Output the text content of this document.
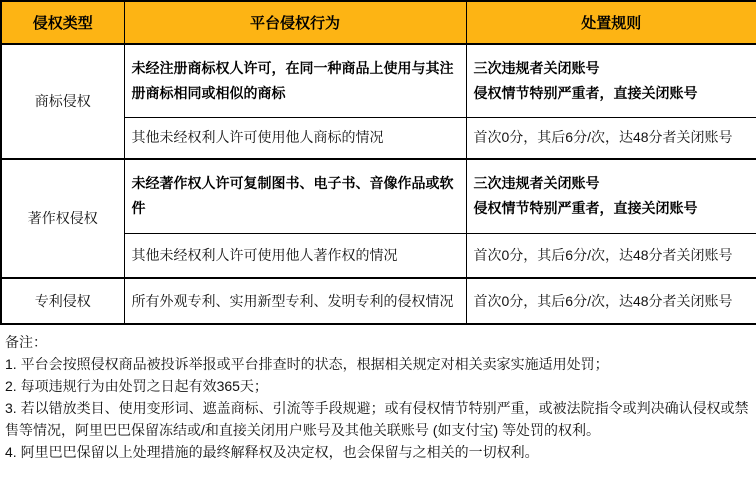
侵权类型	平台侵权行为	处置规则
商标侵权	未经注册商标权人许可，在同一种商品上使用与其注册商标相同或相似的商标	三次违规者关闭账号
侵权情节特别严重者，直接关闭账号

	其他未经权利人许可使用他人商标的情况	首次0分，其后6分/次，达48分者关闭账号

著作权侵权	未经著作权人许可复制图书、电子书、音像作品或软件	三次违规者关闭账号
侵权情节特别严重者，直接关闭账号

	其他未经权利人许可使用他人著作权的情况	首次0分，其后6分/次，达48分者关闭账号

专利侵权	所有外观专利、实用新型专利、发明专利的侵权情况	首次0分，其后6分/次，达48分者关闭账号
备注：
1. 平台会按照侵权商品被投诉举报或平台排查时的状态，根据相关规定对相关卖家实施适用处罚；
2. 每项违规行为由处罚之日起有效365天；
3. 若以错放类目、使用变形词、遮盖商标、引流等手段规避；或有侵权情节特别严重，或被法院指令或判决确认侵权或禁售等情况，阿里巴巴保留冻结或/和直接关闭用户账号及其他关联账号 (如支付宝) 等处罚的权利。
4. 阿里巴巴保留以上处理措施的最终解释权及决定权，也会保留与之相关的一切权利。
